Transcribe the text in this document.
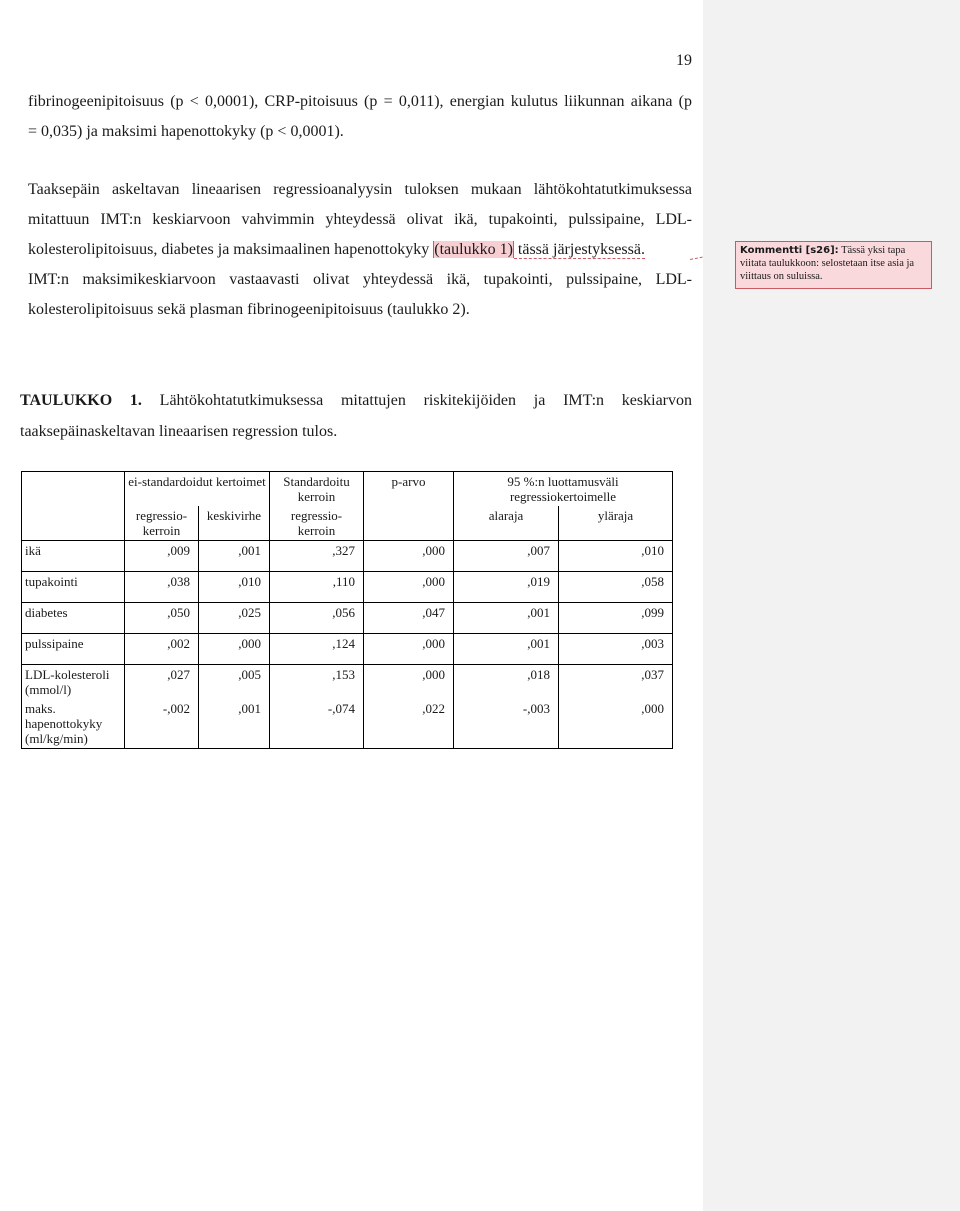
19
fibrinogeenipitoisuus (p < 0,0001), CRP-pitoisuus (p = 0,011), energian kulutus liikunnan aikana (p
= 0,035) ja maksimi hapenottokyky (p < 0,0001).
Taaksepäin askeltavan lineaarisen regressioanalyysin tuloksen mukaan lähtökohtatutkimuksessa
mitattuun IMT:n keskiarvoon vahvimmin yhteydessä olivat ikä, tupakointi, pulssipaine, LDL-
kolesterolipitoisuus, diabetes ja maksimaalinen hapenottokyky (taulukko 1) tässä järjestyksessä.
IMT:n maksimikeskiarvoon vastaavasti olivat yhteydessä ikä, tupakointi, pulssipaine, LDL-
kolesterolipitoisuus sekä plasman fibrinogeenipitoisuus (taulukko 2).
TAULUKKO 1. Lähtökohtatutkimuksessa mitattujen riskitekijöiden ja IMT:n keskiarvon
taaksepäinaskeltavan lineaarisen regression tulos.
	ei-standardoidut kertoimet		Standardoitu kerroin	p-arvo	95 %:n luottamusväli regressiokertoimelle	
	regressio-kerroin	keskivirhe	regressio-kerroin		alaraja	yläraja
ikä	,009	,001	,327	,000	,007	,010
tupakointi	,038	,010	,110	,000	,019	,058
diabetes	,050	,025	,056	,047	,001	,099
pulssipaine	,002	,000	,124	,000	,001	,003
LDL-kolesteroli (mmol/l)	,027	,005	,153	,000	,018	,037
maks. hapenottokyky (ml/kg/min)	-,002	,001	-,074	,022	-,003	,000
Kommentti [s26]: Tässä yksi tapa viitata taulukkoon: selostetaan itse asia ja viittaus on suluissa.
